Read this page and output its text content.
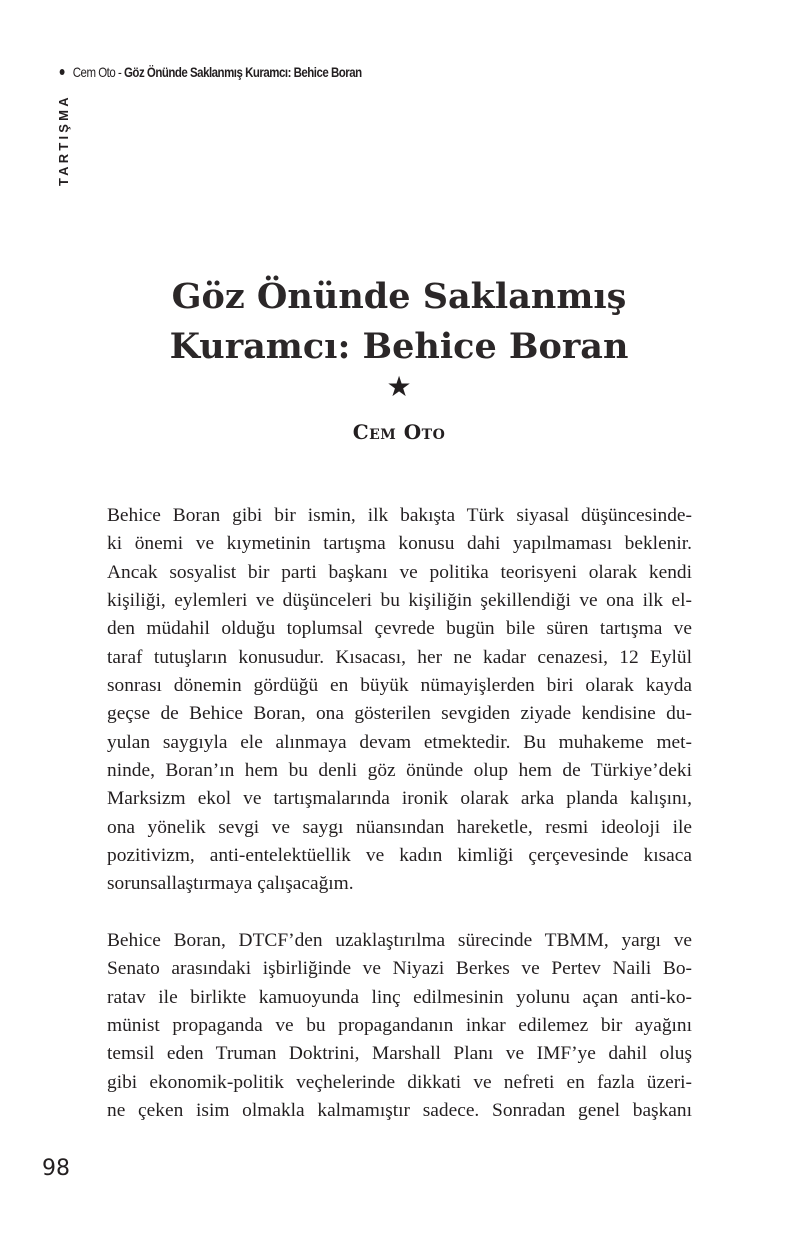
Cem Oto - Göz Önünde Saklanmış Kuramcı: Behice Boran
TARTIŞMA
Göz Önünde Saklanmış
Kuramcı: Behice Boran
★
Cem Oto
Behice Boran gibi bir ismin, ilk bakışta Türk siyasal düşüncesinde-
ki önemi ve kıymetinin tartışma konusu dahi yapılmaması beklenir.
Ancak sosyalist bir parti başkanı ve politika teorisyeni olarak kendi
kişiliği, eylemleri ve düşünceleri bu kişiliğin şekillendiği ve ona ilk el-
den müdahil olduğu toplumsal çevrede bugün bile süren tartışma ve
taraf tutuşların konusudur. Kısacası, her ne kadar cenazesi, 12 Eylül
sonrası dönemin gördüğü en büyük nümayişlerden biri olarak kayda
geçse de Behice Boran, ona gösterilen sevgiden ziyade kendisine du-
yulan saygıyla ele alınmaya devam etmektedir. Bu muhakeme met-
ninde, Boran’ın hem bu denli göz önünde olup hem de Türkiye’deki
Marksizm ekol ve tartışmalarında ironik olarak arka planda kalışını,
ona yönelik sevgi ve saygı nüansından hareketle, resmi ideoloji ile
pozitivizm, anti-entelektüellik ve kadın kimliği çerçevesinde kısaca
sorunsallaştırmaya çalışacağım.
Behice Boran, DTCF’den uzaklaştırılma sürecinde TBMM, yargı ve
Senato arasındaki işbirliğinde ve Niyazi Berkes ve Pertev Naili Bo-
ratav ile birlikte kamuoyunda linç edilmesinin yolunu açan anti-ko-
münist propaganda ve bu propagandanın inkar edilemez bir ayağını
temsil eden Truman Doktrini, Marshall Planı ve IMF’ye dahil oluş
gibi ekonomik-politik veçhelerinde dikkati ve nefreti en fazla üzeri-
ne çeken isim olmakla kalmamıştır sadece. Sonradan genel başkanı
98
